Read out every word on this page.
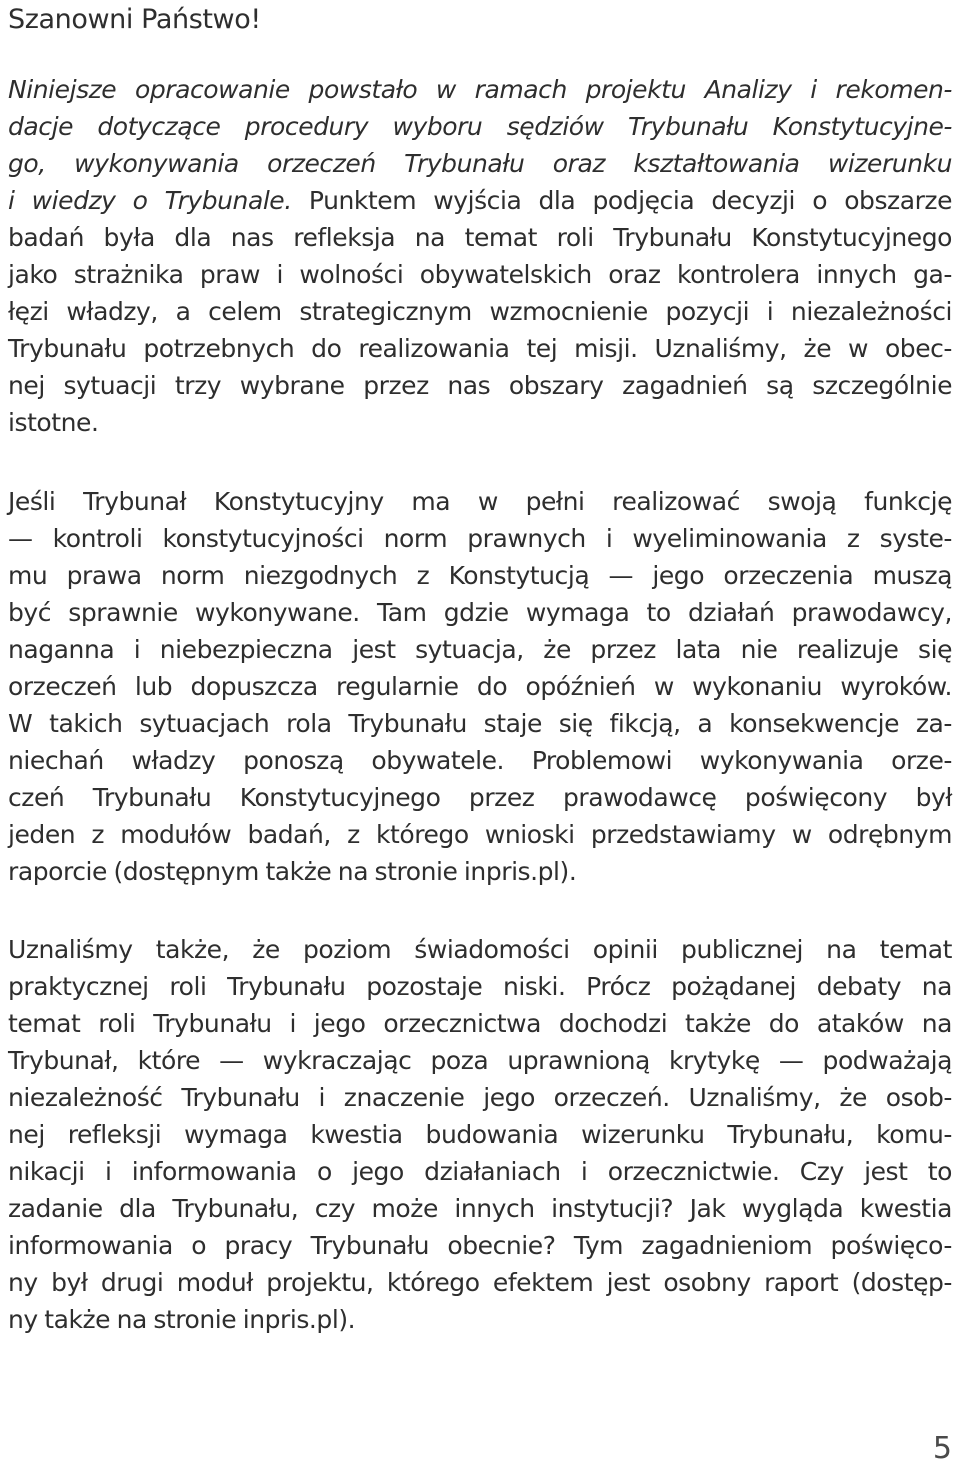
Szanowni Państwo!

Niniejsze opracowanie powstało w ramach projektu Analizy i rekomen-
dacje dotyczące procedury wyboru sędziów Trybunału Konstytucyjne-
go, wykonywania orzeczeń Trybunału oraz kształtowania wizerunku
i wiedzy o Trybunale. Punktem wyjścia dla podjęcia decyzji o obszarze
badań była dla nas refleksja na temat roli Trybunału Konstytucyjnego
jako strażnika praw i wolności obywatelskich oraz kontrolera innych ga-
łęzi władzy, a celem strategicznym wzmocnienie pozycji i niezależności
Trybunału potrzebnych do realizowania tej misji. Uznaliśmy, że w obec-
nej sytuacji trzy wybrane przez nas obszary zagadnień są szczególnie
istotne.
Jeśli Trybunał Konstytucyjny ma w pełni realizować swoją funkcję
— kontroli konstytucyjności norm prawnych i wyeliminowania z syste-
mu prawa norm niezgodnych z Konstytucją — jego orzeczenia muszą
być sprawnie wykonywane. Tam gdzie wymaga to działań prawodawcy,
naganna i niebezpieczna jest sytuacja, że przez lata nie realizuje się
orzeczeń lub dopuszcza regularnie do opóźnień w wykonaniu wyroków.
W takich sytuacjach rola Trybunału staje się fikcją, a konsekwencje za-
niechań władzy ponoszą obywatele. Problemowi wykonywania orze-
czeń Trybunału Konstytucyjnego przez prawodawcę poświęcony był
jeden z modułów badań, z którego wnioski przedstawiamy w odrębnym
raporcie (dostępnym także na stronie inpris.pl).
Uznaliśmy także, że poziom świadomości opinii publicznej na temat
praktycznej roli Trybunału pozostaje niski. Prócz pożądanej debaty na
temat roli Trybunału i jego orzecznictwa dochodzi także do ataków na
Trybunał, które — wykraczając poza uprawnioną krytykę — podważają
niezależność Trybunału i znaczenie jego orzeczeń. Uznaliśmy, że osob-
nej refleksji wymaga kwestia budowania wizerunku Trybunału, komu-
nikacji i informowania o jego działaniach i orzecznictwie. Czy jest to
zadanie dla Trybunału, czy może innych instytucji? Jak wygląda kwestia
informowania o pracy Trybunału obecnie? Tym zagadnieniom poświęco-
ny był drugi moduł projektu, którego efektem jest osobny raport (dostęp-
ny także na stronie inpris.pl).
5
